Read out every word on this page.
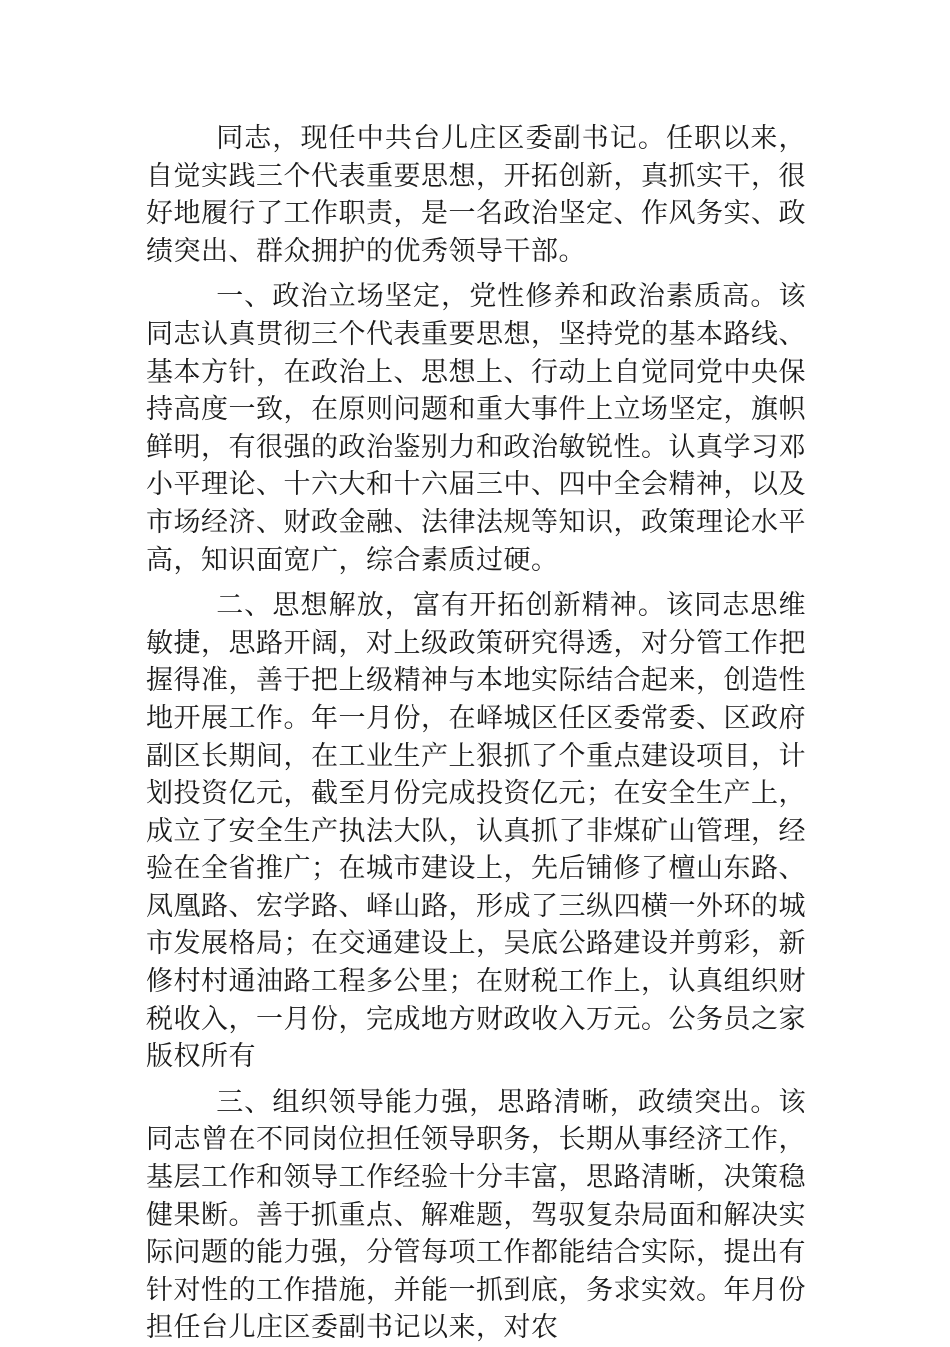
同志，现任中共台儿庄区委副书记。任职以来，自觉实践三个代表重要思想，开拓创新，真抓实干，很好地履行了工作职责，是一名政治坚定、作风务实、政绩突出、群众拥护的优秀领导干部。

一、政治立场坚定，党性修养和政治素质高。该同志认真贯彻三个代表重要思想，坚持党的基本路线、基本方针，在政治上、思想上、行动上自觉同党中央保持高度一致，在原则问题和重大事件上立场坚定，旗帜鲜明，有很强的政治鉴别力和政治敏锐性。认真学习邓小平理论、十六大和十六届三中、四中全会精神，以及市场经济、财政金融、法律法规等知识，政策理论水平高，知识面宽广，综合素质过硬。

二、思想解放，富有开拓创新精神。该同志思维敏捷，思路开阔，对上级政策研究得透，对分管工作把握得准，善于把上级精神与本地实际结合起来，创造性地开展工作。年一月份，在峄城区任区委常委、区政府副区长期间，在工业生产上狠抓了个重点建设项目，计划投资亿元，截至月份完成投资亿元；在安全生产上，成立了安全生产执法大队，认真抓了非煤矿山管理，经验在全省推广；在城市建设上，先后铺修了檀山东路、凤凰路、宏学路、峄山路，形成了三纵四横一外环的城市发展格局；在交通建设上，吴底公路建设并剪彩，新修村村通油路工程多公里；在财税工作上，认真组织财税收入，一月份，完成地方财政收入万元。公务员之家版权所有

三、组织领导能力强，思路清晰，政绩突出。该同志曾在不同岗位担任领导职务，长期从事经济工作，基层工作和领导工作经验十分丰富，思路清晰，决策稳健果断。善于抓重点、解难题，驾驭复杂局面和解决实际问题的能力强，分管每项工作都能结合实际，提出有针对性的工作措施，并能一抓到底，务求实效。年月份担任台儿庄区委副书记以来，对农
